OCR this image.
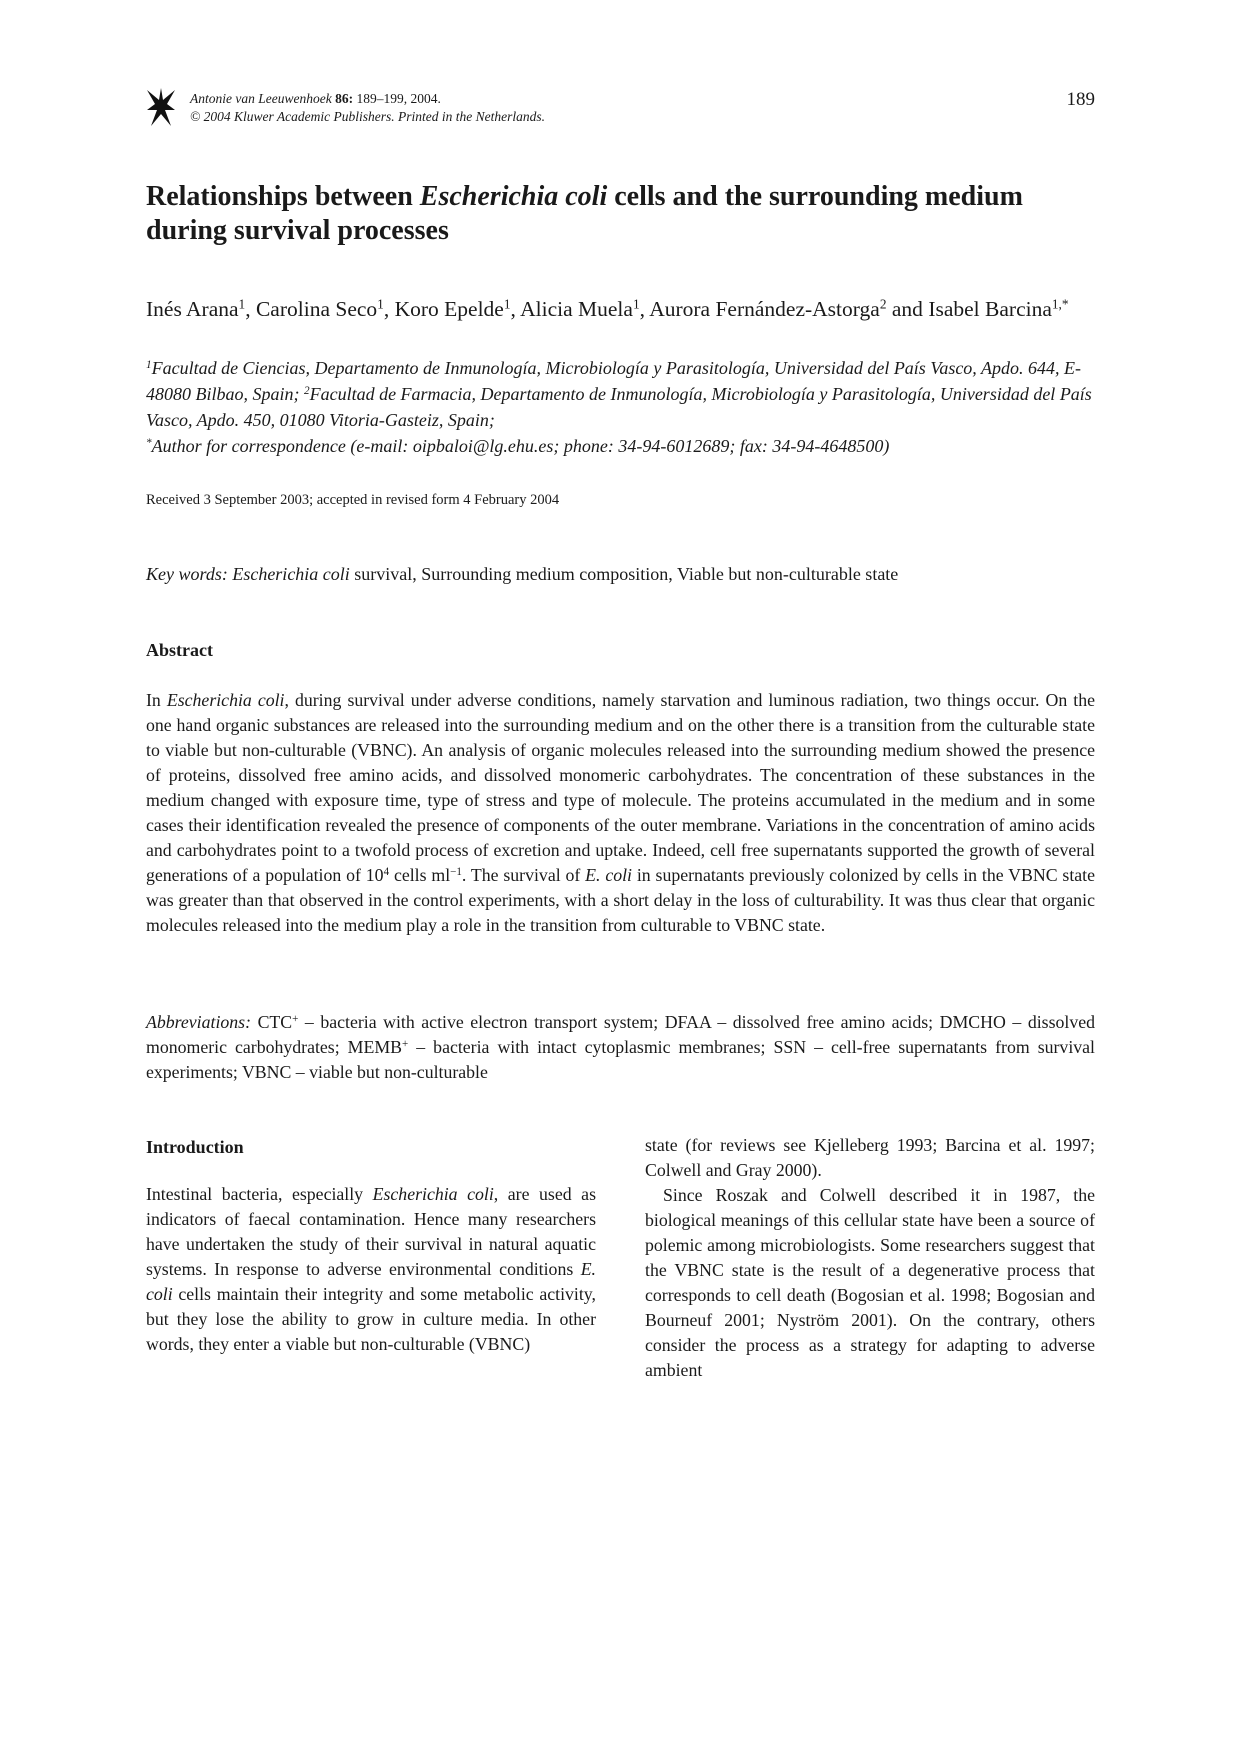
Antonie van Leeuwenhoek 86: 189–199, 2004.
© 2004 Kluwer Academic Publishers. Printed in the Netherlands.
189
Relationships between Escherichia coli cells and the surrounding medium during survival processes
Inés Arana$^1$, Carolina Seco$^1$, Koro Epelde$^1$, Alicia Muela$^1$, Aurora Fernández-Astorga$^2$ and Isabel Barcina$^{1,*}$
$^1$Facultad de Ciencias, Departamento de Inmunología, Microbiología y Parasitología, Universidad del País Vasco, Apdo. 644, E-48080 Bilbao, Spain; $^2$Facultad de Farmacia, Departamento de Inmunología, Microbiología y Parasitología, Universidad del País Vasco, Apdo. 450, 01080 Vitoria-Gasteiz, Spain;
*Author for correspondence (e-mail: oipbaloi@lg.ehu.es; phone: 34-94-6012689; fax: 34-94-4648500)
Received 3 September 2003; accepted in revised form 4 February 2004
Key words: Escherichia coli survival, Surrounding medium composition, Viable but non-culturable state
Abstract
In Escherichia coli, during survival under adverse conditions, namely starvation and luminous radiation, two things occur. On the one hand organic substances are released into the surrounding medium and on the other there is a transition from the culturable state to viable but non-culturable (VBNC). An analysis of organic molecules released into the surrounding medium showed the presence of proteins, dissolved free amino acids, and dissolved monomeric carbohydrates. The concentration of these substances in the medium changed with exposure time, type of stress and type of molecule. The proteins accumulated in the medium and in some cases their identification revealed the presence of components of the outer membrane. Variations in the concentration of amino acids and carbohydrates point to a twofold process of excretion and uptake. Indeed, cell free supernatants supported the growth of several generations of a population of $10^4$ cells $ml^{-1}$. The survival of E. coli in supernatants previously colonized by cells in the VBNC state was greater than that observed in the control experiments, with a short delay in the loss of culturability. It was thus clear that organic molecules released into the medium play a role in the transition from culturable to VBNC state.
Abbreviations: CTC+ – bacteria with active electron transport system; DFAA – dissolved free amino acids; DMCHO – dissolved monomeric carbohydrates; MEMB+ – bacteria with intact cytoplasmic membranes; SSN – cell-free supernatants from survival experiments; VBNC – viable but non-culturable
Introduction

Intestinal bacteria, especially Escherichia coli, are used as indicators of faecal contamination. Hence many researchers have undertaken the study of their survival in natural aquatic systems. In response to adverse environmental conditions E. coli cells maintain their integrity and some metabolic activity, but they lose the ability to grow in culture media. In other words, they enter a viable but non-culturable (VBNC)

state (for reviews see Kjelleberg 1993; Barcina et al. 1997; Colwell and Gray 2000).

Since Roszak and Colwell described it in 1987, the biological meanings of this cellular state have been a source of polemic among microbiologists. Some researchers suggest that the VBNC state is the result of a degenerative process that corresponds to cell death (Bogosian et al. 1998; Bogosian and Bourneuf 2001; Nyström 2001). On the contrary, others consider the process as a strategy for adapting to adverse ambient
